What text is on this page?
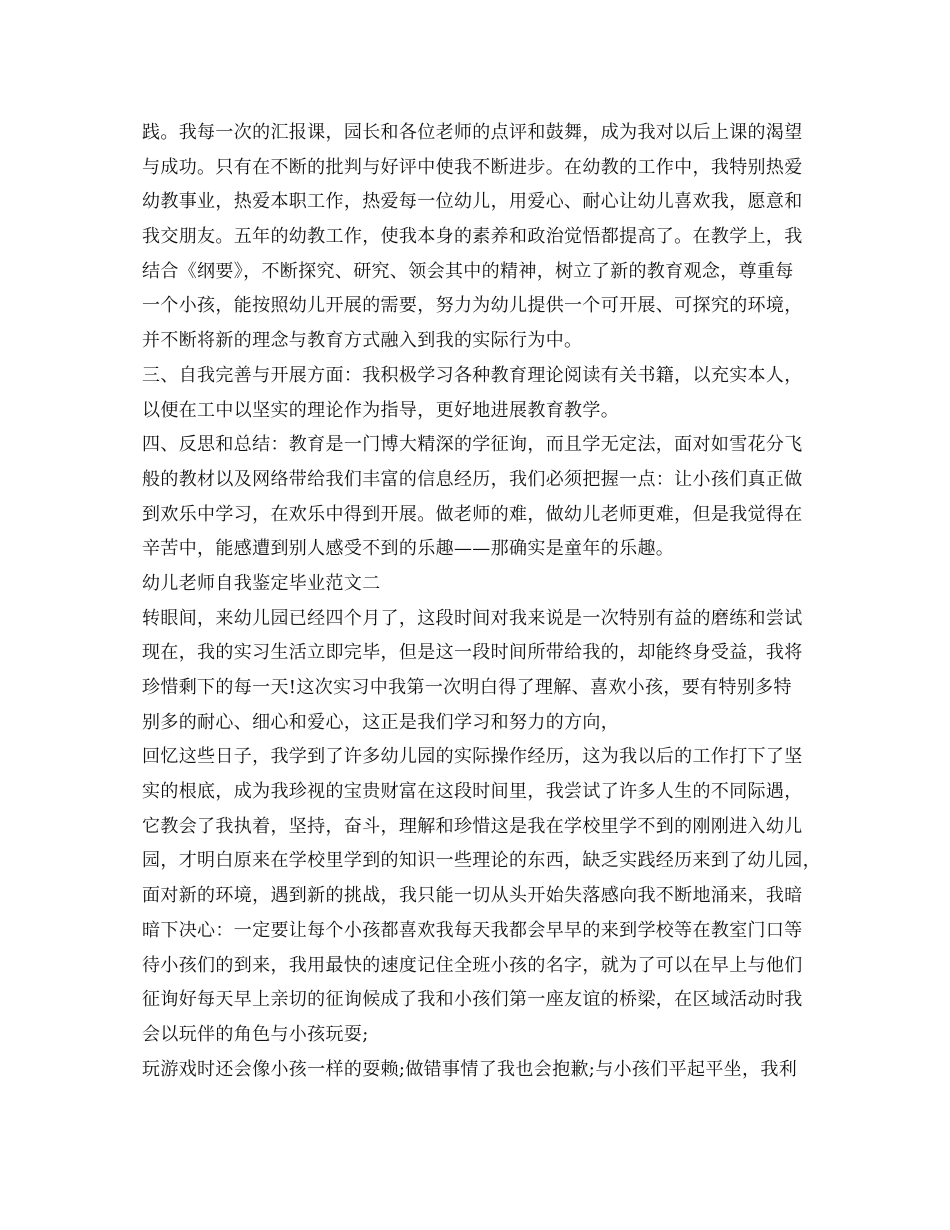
践。我每一次的汇报课，园长和各位老师的点评和鼓舞，成为我对以后上课的渴望
与成功。只有在不断的批判与好评中使我不断进步。在幼教的工作中，我特别热爱
幼教事业，热爱本职工作，热爱每一位幼儿，用爱心、耐心让幼儿喜欢我，愿意和
我交朋友。五年的幼教工作，使我本身的素养和政治觉悟都提高了。在教学上，我
结合《纲要》，不断探究、研究、领会其中的精神，树立了新的教育观念，尊重每
一个小孩，能按照幼儿开展的需要，努力为幼儿提供一个可开展、可探究的环境，
并不断将新的理念与教育方式融入到我的实际行为中。
三、自我完善与开展方面：我积极学习各种教育理论阅读有关书籍，以充实本人，
以便在工中以坚实的理论作为指导，更好地进展教育教学。
四、反思和总结：教育是一门博大精深的学征询，而且学无定法，面对如雪花分飞
般的教材以及网络带给我们丰富的信息经历，我们必须把握一点：让小孩们真正做
到欢乐中学习，在欢乐中得到开展。做老师的难，做幼儿老师更难，但是我觉得在
辛苦中，能感遭到别人感受不到的乐趣——那确实是童年的乐趣。
幼儿老师自我鉴定毕业范文二
转眼间，来幼儿园已经四个月了，这段时间对我来说是一次特别有益的磨练和尝试
现在，我的实习生活立即完毕，但是这一段时间所带给我的，却能终身受益，我将
珍惜剩下的每一天!这次实习中我第一次明白得了理解、喜欢小孩，要有特别多特
别多的耐心、细心和爱心，这正是我们学习和努力的方向，
回忆这些日子，我学到了许多幼儿园的实际操作经历，这为我以后的工作打下了坚
实的根底，成为我珍视的宝贵财富在这段时间里，我尝试了许多人生的不同际遇，
它教会了我执着，坚持，奋斗，理解和珍惜这是我在学校里学不到的刚刚进入幼儿
园，才明白原来在学校里学到的知识一些理论的东西，缺乏实践经历来到了幼儿园，
面对新的环境，遇到新的挑战，我只能一切从头开始失落感向我不断地涌来，我暗
暗下决心：一定要让每个小孩都喜欢我每天我都会早早的来到学校等在教室门口等
待小孩们的到来，我用最快的速度记住全班小孩的名字，就为了可以在早上与他们
征询好每天早上亲切的征询候成了我和小孩们第一座友谊的桥梁，在区域活动时我
会以玩伴的角色与小孩玩耍;
玩游戏时还会像小孩一样的耍赖;做错事情了我也会抱歉;与小孩们平起平坐，我利
